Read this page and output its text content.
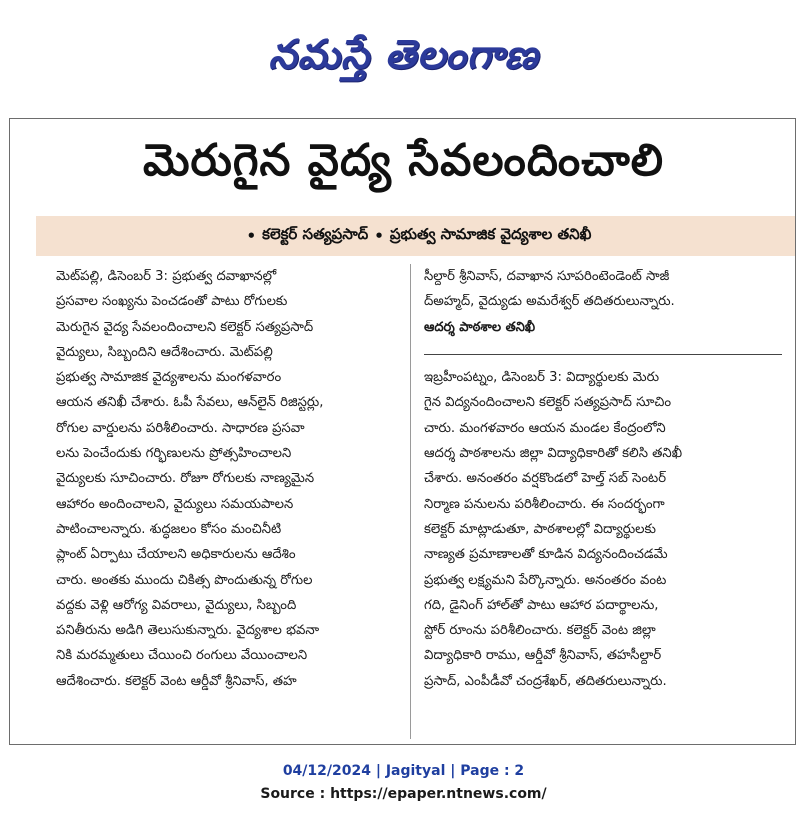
నమస్తే తెలంగాణ
మెరుగైన వైద్య సేవలందించాలి
• కలెక్టర్ సత్యప్రసాద్ • ప్రభుత్వ సామాజిక వైద్యశాల తనిఖీ
మెట్‌పల్లి, డిసెంబర్ 3: ప్రభుత్వ దవాఖానల్లో
ప్రసవాల సంఖ్యను పెంచడంతో పాటు రోగులకు
మెరుగైన వైద్య సేవలందించాలని కలెక్టర్ సత్యప్రసాద్
వైద్యులు, సిబ్బందిని ఆదేశించారు. మెట్‌పల్లి
ప్రభుత్వ సామాజిక వైద్యశాలను మంగళవారం
ఆయన తనిఖీ చేశారు. ఓపీ సేవలు, ఆన్‌లైన్ రిజిస్టర్లు,
రోగుల వార్డులను పరిశీలించారు. సాధారణ ప్రసవా
లను పెంచేందుకు గర్భిణులను ప్రోత్సహించాలని
వైద్యులకు సూచించారు. రోజూ రోగులకు నాణ్యమైన
ఆహారం అందించాలని, వైద్యులు సమయపాలన
పాటించాలన్నారు. శుద్ధజలం కోసం మంచినీటి
ప్లాంట్ ఏర్పాటు చేయాలని అధికారులను ఆదేశిం
చారు. అంతకు ముందు చికిత్స పొందుతున్న రోగుల
వద్దకు వెళ్లి ఆరోగ్య వివరాలు, వైద్యులు, సిబ్బంది
పనితీరును అడిగి తెలుసుకున్నారు. వైద్యశాల భవనా
నికి మరమ్మతులు చేయించి రంగులు వేయించాలని
ఆదేశించారు. కలెక్టర్ వెంట ఆర్డీవో శ్రీనివాస్, తహ
సీల్దార్ శ్రీనివాస్, దవాఖాన సూపరింటెండెంట్ సాజీ
ద్‌అహ్మద్, వైద్యుడు అమరేశ్వర్ తదితరులున్నారు.
ఆదర్శ పాఠశాల తనిఖీ

ఇబ్రహీంపట్నం, డిసెంబర్ 3: విద్యార్థులకు మెరు
గైన విద్యనందించాలని కలెక్టర్ సత్యప్రసాద్ సూచిం
చారు. మంగళవారం ఆయన మండల కేంద్రంలోని
ఆదర్శ పాఠశాలను జిల్లా విద్యాధికారితో కలిసి తనిఖీ
చేశారు. అనంతరం వర్షకొండలో హెల్త్ సబ్ సెంటర్
నిర్మాణ పనులను పరిశీలించారు. ఈ సందర్భంగా
కలెక్టర్ మాట్లాడుతూ, పాఠశాలల్లో విద్యార్థులకు
నాణ్యత ప్రమాణాలతో కూడిన విద్యనందించడమే
ప్రభుత్వ లక్ష్యమని పేర్కొన్నారు. అనంతరం వంట
గది, డైనింగ్ హాల్‌తో పాటు ఆహార పదార్థాలను,
స్టోర్ రూంను పరిశీలించారు. కలెక్టర్ వెంట జిల్లా
విద్యాధికారి రాము, ఆర్డీవో శ్రీనివాస్, తహసీల్దార్
ప్రసాద్, ఎంపీడీవో చంద్రశేఖర్, తదితరులున్నారు.
04/12/2024 | Jagityal | Page : 2
Source : https://epaper.ntnews.com/
